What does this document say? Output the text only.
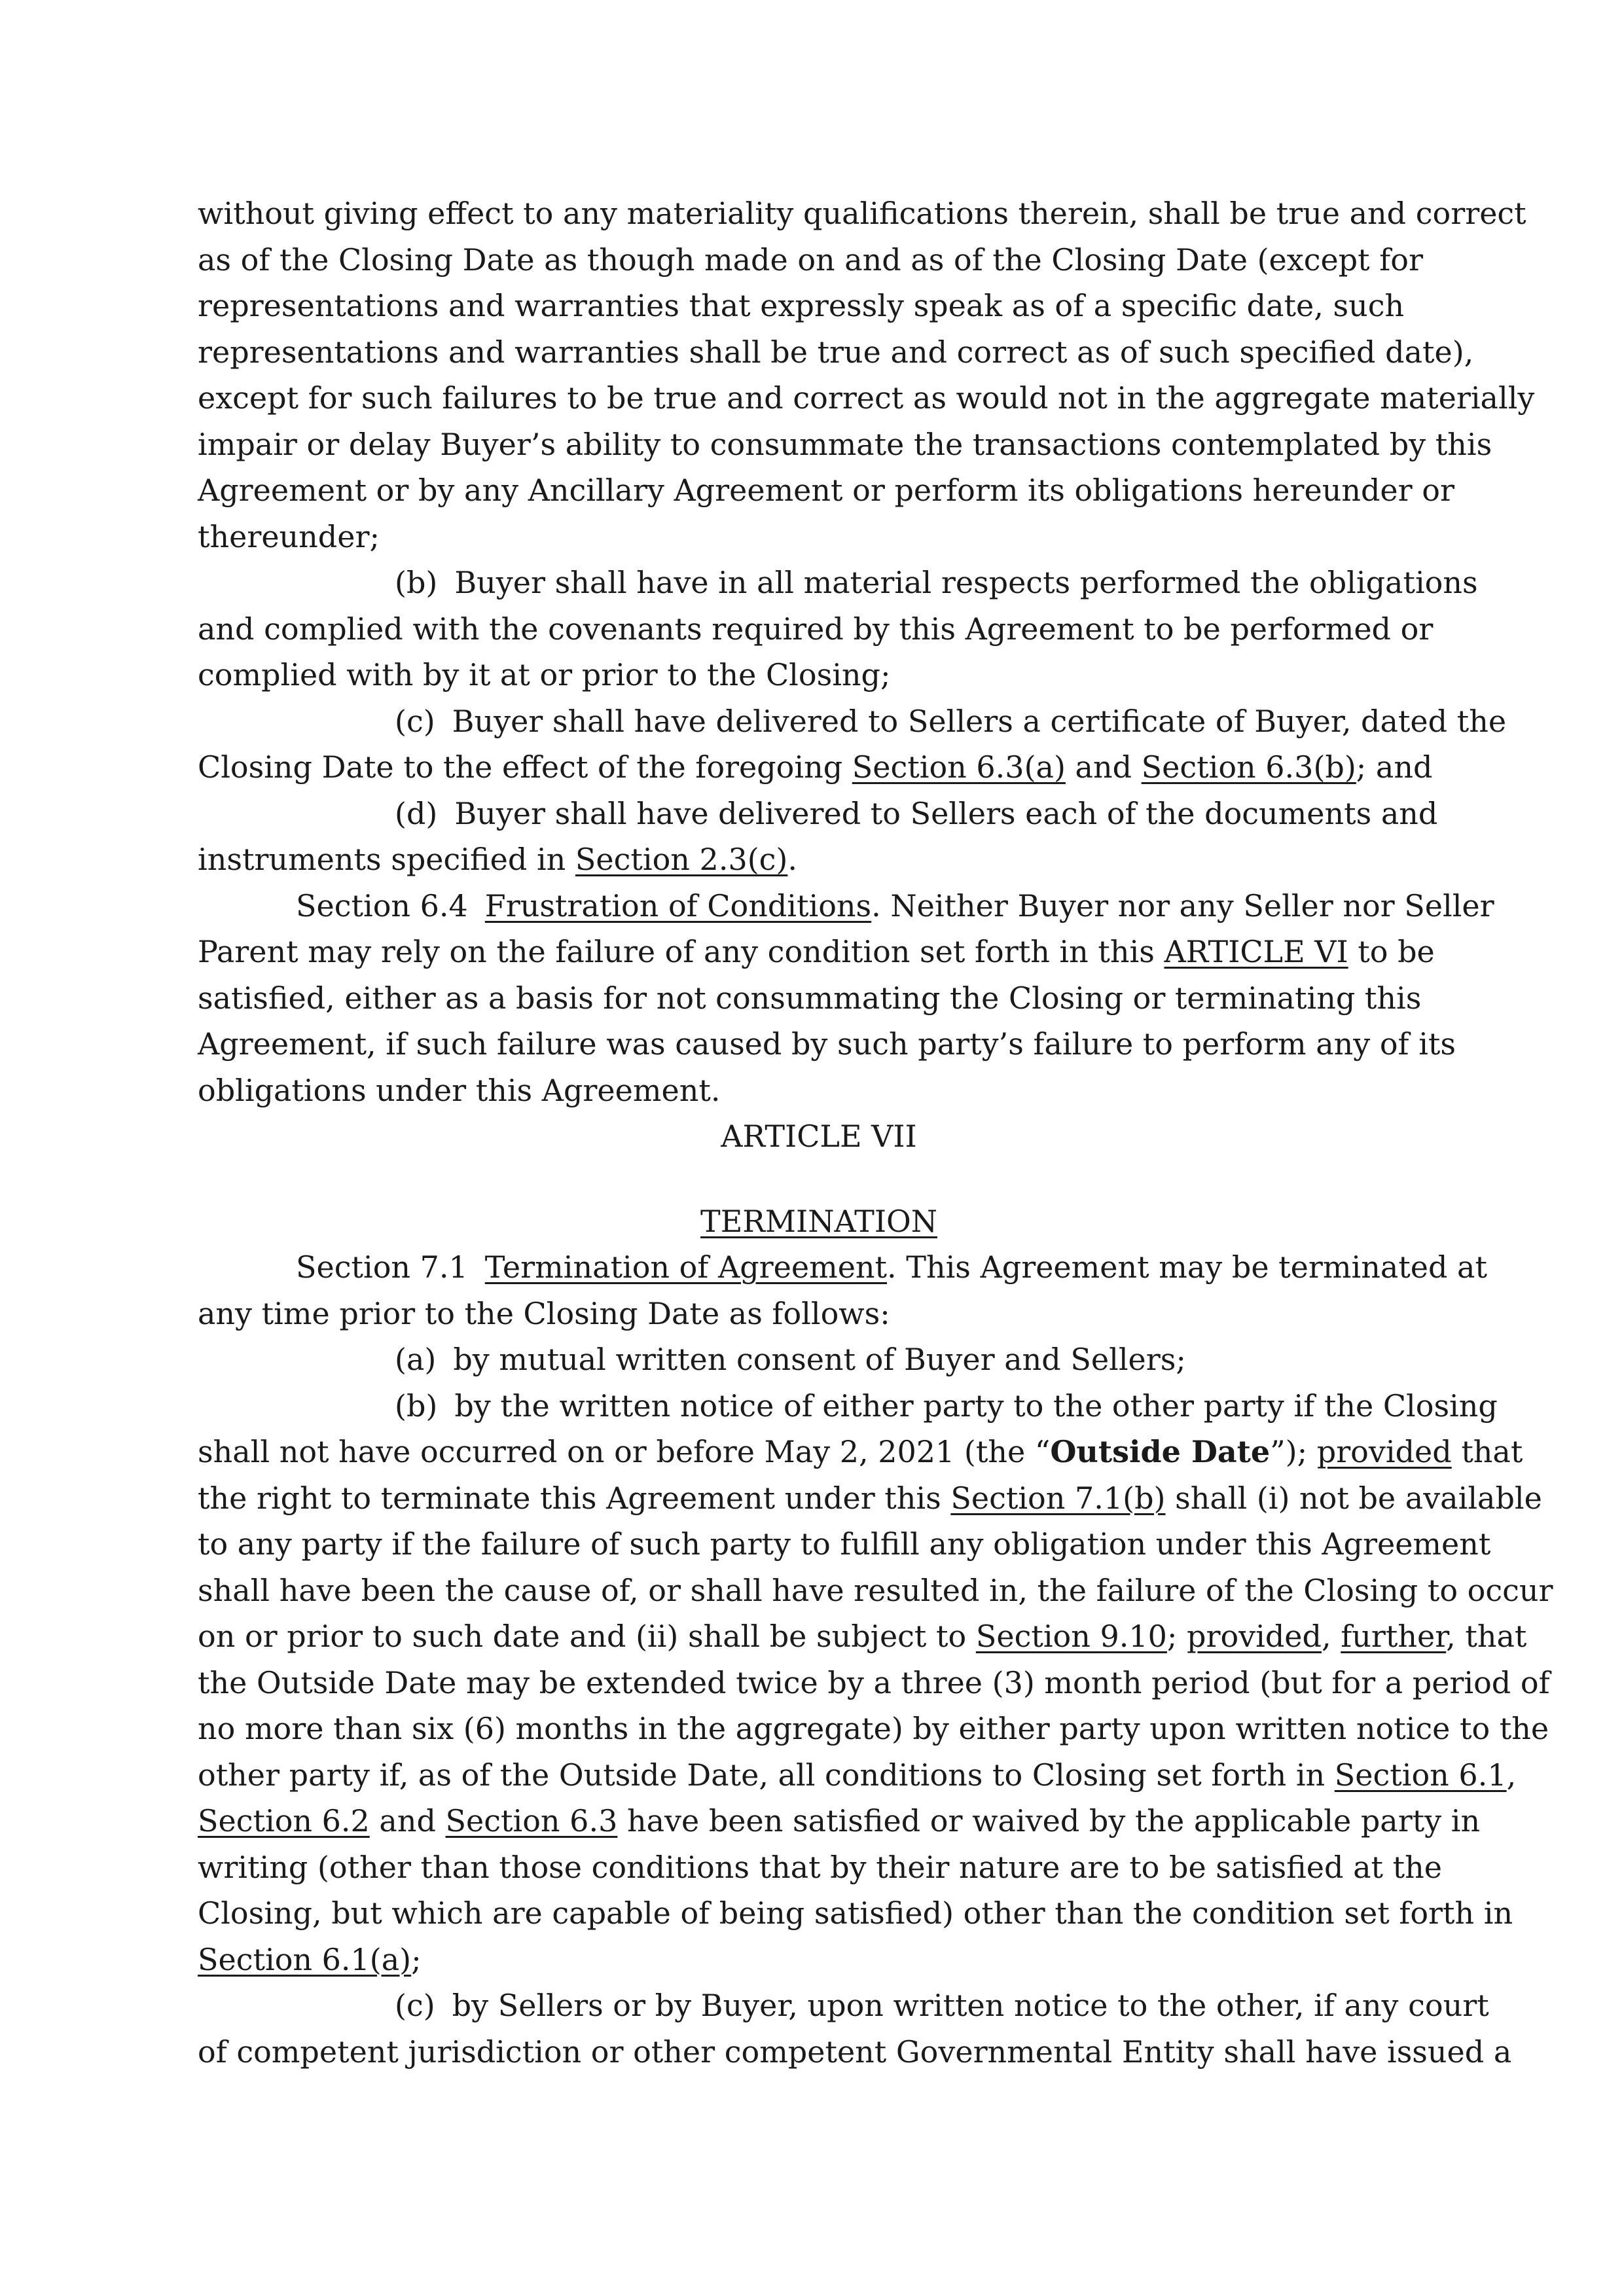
without giving effect to any materiality qualifications therein, shall be true and correct

as of the Closing Date as though made on and as of the Closing Date (except for

representations and warranties that expressly speak as of a specific date, such

representations and warranties shall be true and correct as of such specified date),

except for such failures to be true and correct as would not in the aggregate materially

impair or delay Buyer’s ability to consummate the transactions contemplated by this

Agreement or by any Ancillary Agreement or perform its obligations hereunder or

thereunder;

(b) Buyer shall have in all material respects performed the obligations

and complied with the covenants required by this Agreement to be performed or

complied with by it at or prior to the Closing;

(c) Buyer shall have delivered to Sellers a certificate of Buyer, dated the

Closing Date to the effect of the foregoing Section 6.3(a) and Section 6.3(b); and

(d) Buyer shall have delivered to Sellers each of the documents and

instruments specified in Section 2.3(c).

Section 6.4 Frustration of Conditions. Neither Buyer nor any Seller nor Seller

Parent may rely on the failure of any condition set forth in this ARTICLE VI to be

satisfied, either as a basis for not consummating the Closing or terminating this

Agreement, if such failure was caused by such party’s failure to perform any of its

obligations under this Agreement.

ARTICLE VII

TERMINATION

Section 7.1 Termination of Agreement. This Agreement may be terminated at

any time prior to the Closing Date as follows:

(a) by mutual written consent of Buyer and Sellers;

(b) by the written notice of either party to the other party if the Closing

shall not have occurred on or before May 2, 2021 (the “Outside Date”); provided that

the right to terminate this Agreement under this Section 7.1(b) shall (i) not be available

to any party if the failure of such party to fulfill any obligation under this Agreement

shall have been the cause of, or shall have resulted in, the failure of the Closing to occur

on or prior to such date and (ii) shall be subject to Section 9.10; provided, further, that

the Outside Date may be extended twice by a three (3) month period (but for a period of

no more than six (6) months in the aggregate) by either party upon written notice to the

other party if, as of the Outside Date, all conditions to Closing set forth in Section 6.1,

Section 6.2 and Section 6.3 have been satisfied or waived by the applicable party in

writing (other than those conditions that by their nature are to be satisfied at the

Closing, but which are capable of being satisfied) other than the condition set forth in

Section 6.1(a);

(c) by Sellers or by Buyer, upon written notice to the other, if any court

of competent jurisdiction or other competent Governmental Entity shall have issued a
